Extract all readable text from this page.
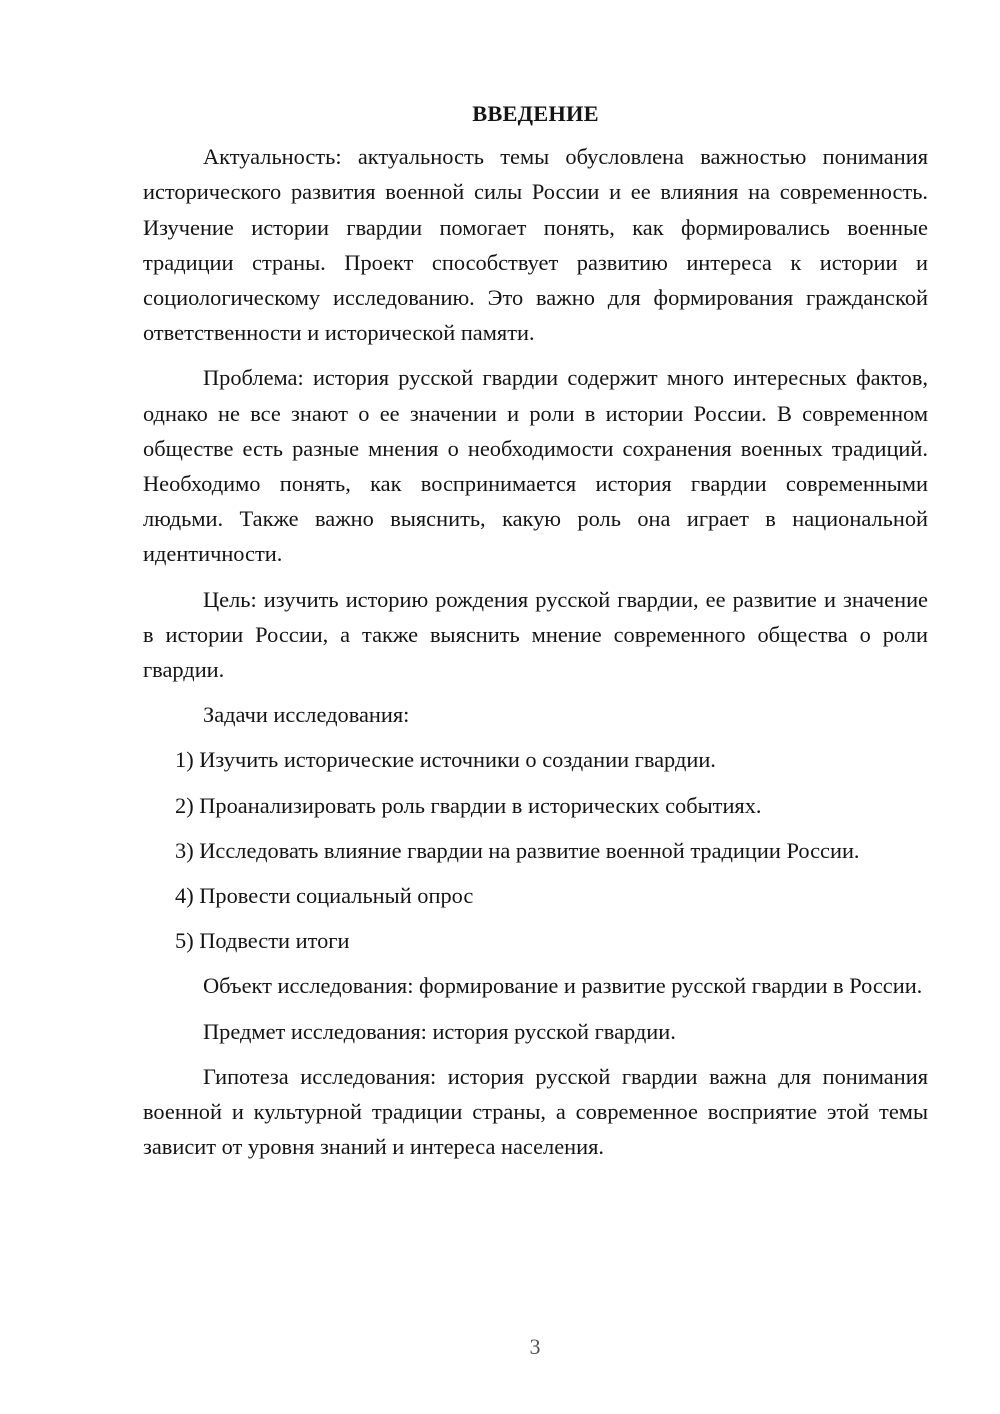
ВВЕДЕНИЕ

Актуальность: актуальность темы обусловлена важностью понимания исторического развития военной силы России и ее влияния на современность. Изучение истории гвардии помогает понять, как формировались военные традиции страны. Проект способствует развитию интереса к истории и социологическому исследованию. Это важно для формирования гражданской ответственности и исторической памяти.

Проблема: история русской гвардии содержит много интересных фактов, однако не все знают о ее значении и роли в истории России. В современном обществе есть разные мнения о необходимости сохранения военных традиций. Необходимо понять, как воспринимается история гвардии современными людьми. Также важно выяснить, какую роль она играет в национальной идентичности.

Цель: изучить историю рождения русской гвардии, ее развитие и значение в истории России, а также выяснить мнение современного общества о роли гвардии.

Задачи исследования:

1) Изучить исторические источники о создании гвардии.

2) Проанализировать роль гвардии в исторических событиях.

3) Исследовать влияние гвардии на развитие военной традиции России.

4) Провести социальный опрос

5) Подвести итоги

Объект исследования: формирование и развитие русской гвардии в России.

Предмет исследования: история русской гвардии.

Гипотеза исследования: история русской гвардии важна для понимания военной и культурной традиции страны, а современное восприятие этой темы зависит от уровня знаний и интереса населения.

3
